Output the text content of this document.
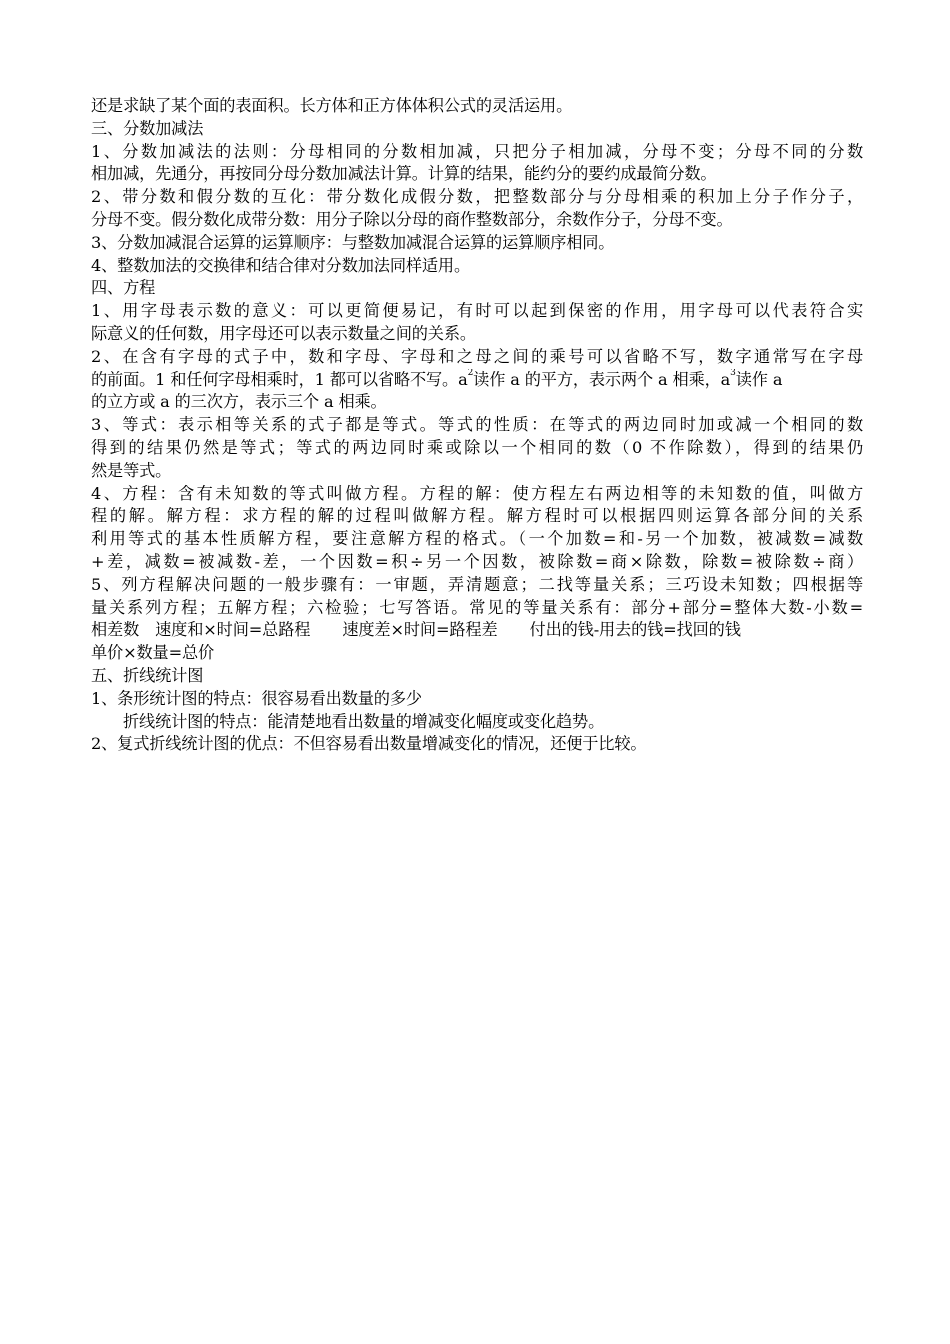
还是求缺了某个面的表面积。长方体和正方体体积公式的灵活运用。
三、分数加减法
1、分数加减法的法则：分母相同的分数相加减，只把分子相加减，分母不变；分母不同的分数
相加减，先通分，再按同分母分数加减法计算。计算的结果，能约分的要约成最简分数。
2、带分数和假分数的互化：带分数化成假分数，把整数部分与分母相乘的积加上分子作分子，
分母不变。假分数化成带分数：用分子除以分母的商作整数部分，余数作分子，分母不变。
3、分数加减混合运算的运算顺序：与整数加减混合运算的运算顺序相同。
4、整数加法的交换律和结合律对分数加法同样适用。
四、方程
1、用字母表示数的意义：可以更简便易记，有时可以起到保密的作用，用字母可以代表符合实
际意义的任何数，用字母还可以表示数量之间的关系。
2、在含有字母的式子中，数和字母、字母和之母之间的乘号可以省略不写，数字通常写在字母
的前面。1 和任何字母相乘时，1 都可以省略不写。$a^2$读作 a 的平方，表示两个 a 相乘，$a^3$读作 a
的立方或 a 的三次方，表示三个 a 相乘。
3、等式：表示相等关系的式子都是等式。等式的性质：在等式的两边同时加或减一个相同的数
得到的结果仍然是等式；等式的两边同时乘或除以一个相同的数（0 不作除数），得到的结果仍
然是等式。
4、方程：含有未知数的等式叫做方程。方程的解：使方程左右两边相等的未知数的值，叫做方
程的解。解方程：求方程的解的过程叫做解方程。解方程时可以根据四则运算各部分间的关系
利用等式的基本性质解方程，要注意解方程的格式。（一个加数=和-另一个加数，被减数=减数
+差，减数=被减数-差，一个因数=积÷另一个因数，被除数=商×除数，除数=被除数÷商）
5、列方程解决问题的一般步骤有：一审题，弄清题意；二找等量关系；三巧设未知数；四根据等
量关系列方程；五解方程；六检验；七写答语。常见的等量关系有：部分+部分=整体大数-小数=
相差数　速度和×时间=总路程　　速度差×时间=路程差　　付出的钱-用去的钱=找回的钱
单价×数量=总价
五、折线统计图
1、条形统计图的特点：很容易看出数量的多少
折线统计图的特点：能清楚地看出数量的增减变化幅度或变化趋势。
2、复式折线统计图的优点：不但容易看出数量增减变化的情况，还便于比较。
